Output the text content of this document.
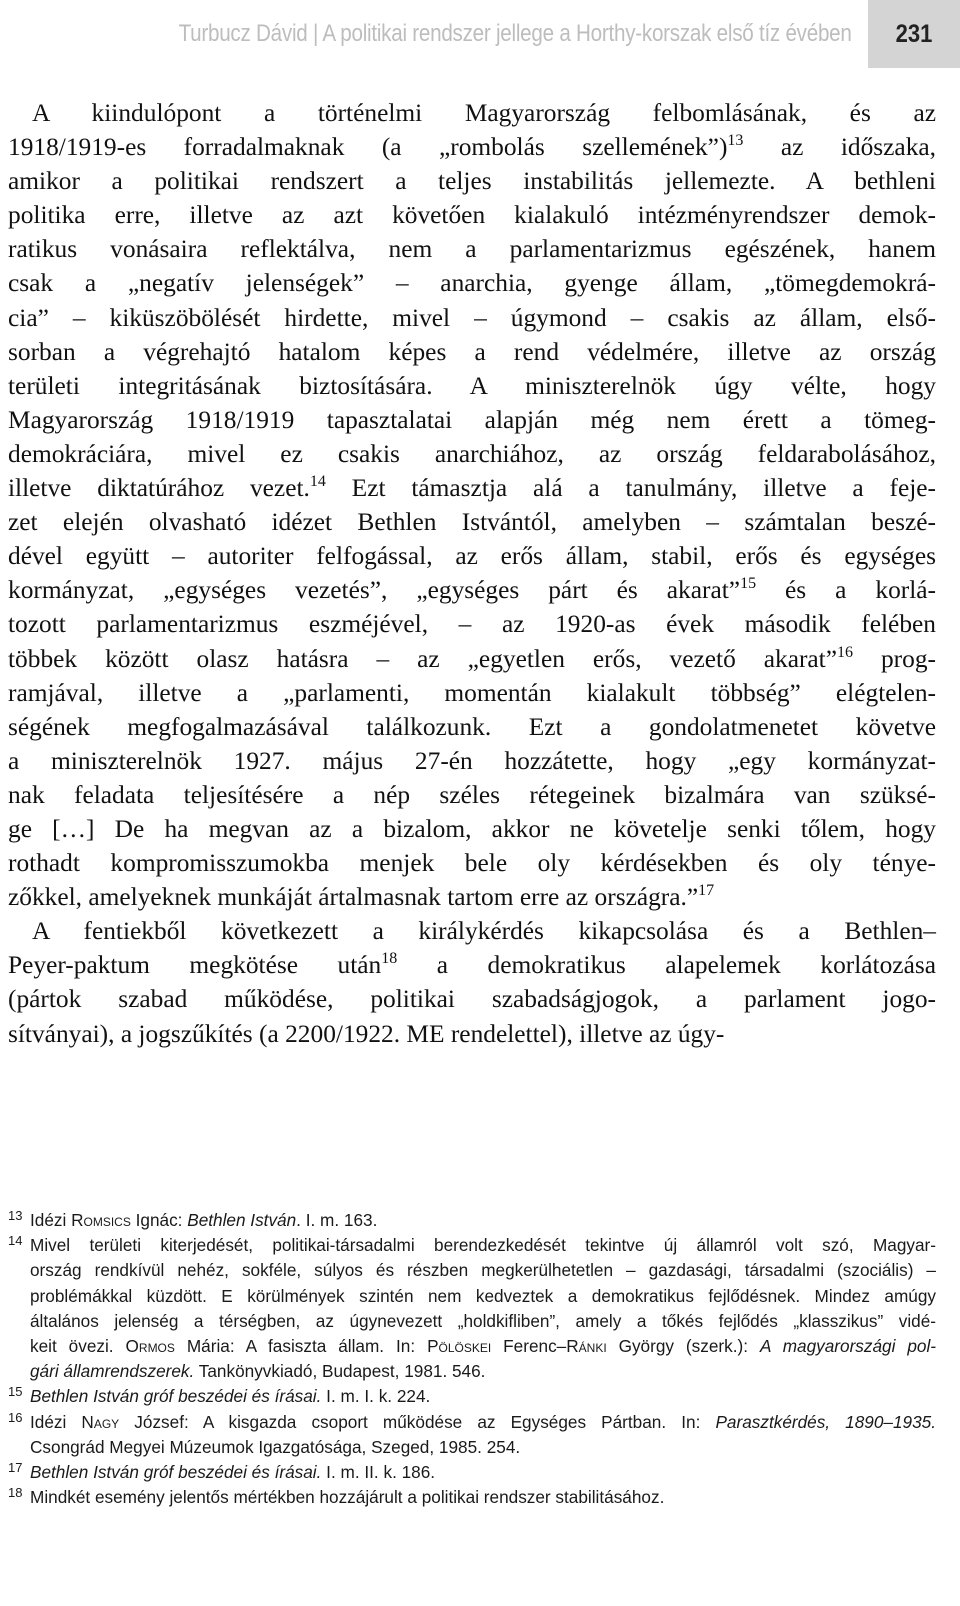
Turbucz Dávid | A politikai rendszer jellege a Horthy-korszak első tíz évében	231

A kiindulópont a történelmi Magyarország felbomlásának, és az
1918/1919-es forradalmaknak (a „rombolás szellemének”)$^{13}$ az időszaka,
amikor a politikai rendszert a teljes instabilitás jellemezte. A bethleni
politika erre, illetve az azt követően kialakuló intézményrendszer demok-
ratikus vonásaira reflektálva, nem a parlamentarizmus egészének, hanem
csak a „negatív jelenségek” – anarchia, gyenge állam, „tömegdemokrá-
cia” – kiküszöbölését hirdette, mivel – úgymond – csakis az állam, első-
sorban a végrehajtó hatalom képes a rend védelmére, illetve az ország
területi integritásának biztosítására. A miniszterelnök úgy vélte, hogy
Magyarország 1918/1919 tapasztalatai alapján még nem érett a tömeg-
demokráciára, mivel ez csakis anarchiához, az ország feldarabolásához,
illetve diktatúrához vezet.$^{14}$ Ezt támasztja alá a tanulmány, illetve a feje-
zet elején olvasható idézet Bethlen Istvántól, amelyben – számtalan beszé-
dével együtt – autoriter felfogással, az erős állam, stabil, erős és egységes
kormányzat, „egységes vezetés”, „egységes párt és akarat”$^{15}$ és a korlá-
tozott parlamentarizmus eszméjével, – az 1920-as évek második felében
többek között olasz hatásra – az „egyetlen erős, vezető akarat”$^{16}$ prog-
ramjával, illetve a „parlamenti, momentán kialakult többség” elégtelen-
ségének megfogalmazásával találkozunk. Ezt a gondolatmenetet követve
a miniszterelnök 1927. május 27-én hozzátette, hogy „egy kormányzat-
nak feladata teljesítésére a nép széles rétegeinek bizalmára van szüksé-
ge […] De ha megvan az a bizalom, akkor ne követelje senki tőlem, hogy
rothadt kompromisszumokba menjek bele oly kérdésekben és oly ténye-
zőkkel, amelyeknek munkáját ártalmasnak tartom erre az országra.”$^{17}$

A fentiekből következett a királykérdés kikapcsolása és a Bethlen–
Peyer-paktum megkötése után$^{18}$ a demokratikus alapelemek korlátozása
(pártok szabad működése, politikai szabadságjogok, a parlament jogo-
sítványai), a jogszűkítés (a 2200/1922. ME rendelettel), illetve az úgy-

13 Idézi Romsics Ignác: Bethlen István. I. m. 163.
14 Mivel területi kiterjedését, politikai-társadalmi berendezkedését tekintve új államról volt szó, Magyar-
ország rendkívül nehéz, sokféle, súlyos és részben megkerülhetetlen – gazdasági, társadalmi (szociális) –
problémákkal küzdött. E körülmények szintén nem kedveztek a demokratikus fejlődésnek. Mindez amúgy
általános jelenség a térségben, az úgynevezett „holdkifliben”, amely a tőkés fejlődés „klasszikus” vidé-
keit övezi. Ormos Mária: A fasiszta állam. In: Pölöskei Ferenc–Ránki György (szerk.): A magyarországi pol-
gári államrendszerek. Tankönyvkiadó, Budapest, 1981. 546.
15 Bethlen István gróf beszédei és írásai. I. m. I. k. 224.
16 Idézi Nagy József: A kisgazda csoport működése az Egységes Pártban. In: Parasztkérdés, 1890–1935.
Csongrád Megyei Múzeumok Igazgatósága, Szeged, 1985. 254.
17 Bethlen István gróf beszédei és írásai. I. m. II. k. 186.
18 Mindkét esemény jelentős mértékben hozzájárult a politikai rendszer stabilitásához.
